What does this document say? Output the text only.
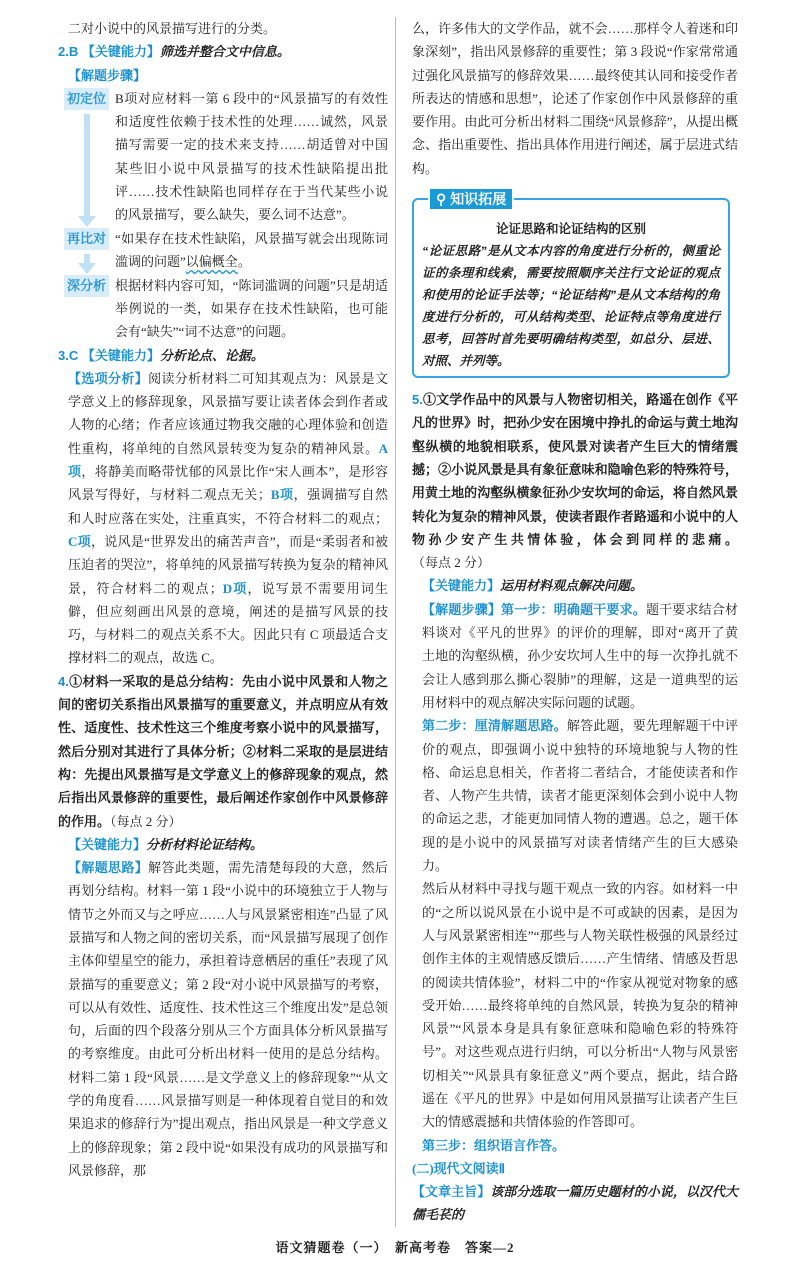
二对小说中的风景描写进行的分类。

2.B 【关键能力】筛选并整合文中信息。

【解题步骤】

初定位 B项对应材料一第 6 段中的“风景描写的有效性和适度性依赖于技术性的处理……诚然，风景描写需要一定的技术来支持……胡适曾对中国某些旧小说中风景描写的技术性缺陷提出批评……技术性缺陷也同样存在于当代某些小说的风景描写，要么缺失，要么词不达意”。
再比对 “如果存在技术性缺陷，风景描写就会出现陈词滥调的问题”以偏概全。
深分析 根据材料内容可知，“陈词滥调的问题”只是胡适举例说的一类，如果存在技术性缺陷，也可能会有“缺失”“词不达意”的问题。

3.C 【关键能力】分析论点、论据。

【选项分析】阅读分析材料二可知其观点为：风景是文学意义上的修辞现象，风景描写要让读者体会到作者或人物的心绪；作者应该通过物我交融的心理体验和创造性重构，将单纯的自然风景转变为复杂的精神风景。A项，将静美而略带忧郁的风景比作“宋人画本”，是形容风景写得好，与材料二观点无关；B项，强调描写自然和人时应落在实处，注重真实，不符合材料二的观点；C项，说风是“世界发出的痛苦声音”，而是“柔弱者和被压迫者的哭泣”，将单纯的风景描写转换为复杂的精神风景，符合材料二的观点；D项，说写景不需要用词生僻，但应刻画出风景的意境，阐述的是描写风景的技巧，与材料二的观点关系不大。因此只有 C 项最适合支撑材料二的观点，故选 C。

4.①材料一采取的是总分结构：先由小说中风景和人物之间的密切关系指出风景描写的重要意义，并点明应从有效性、适度性、技术性这三个维度考察小说中的风景描写，然后分别对其进行了具体分析；②材料二采取的是层进结构：先提出风景描写是文学意义上的修辞现象的观点，然后指出风景修辞的重要性，最后阐述作家创作中风景修辞的作用。（每点 2 分）

【关键能力】分析材料论证结构。

【解题思路】解答此类题，需先清楚每段的大意，然后再划分结构。材料一第 1 段“小说中的环境独立于人物与情节之外而又与之呼应……人与风景紧密相连”凸显了风景描写和人物之间的密切关系，而“风景描写展现了创作主体仰望星空的能力，承担着诗意栖居的重任”表现了风景描写的重要意义；第 2 段“对小说中风景描写的考察，可以从有效性、适度性、技术性这三个维度出发”是总领句，后面的四个段落分别从三个方面具体分析风景描写的考察维度。由此可分析出材料一使用的是总分结构。材料二第 1 段“风景……是文学意义上的修辞现象”“从文学的角度看……风景描写则是一种体现着自觉目的和效果追求的修辞行为”提出观点，指出风景是一种文学意义上的修辞现象；第 2 段中说“如果没有成功的风景描写和风景修辞，那

么，许多伟大的文学作品，就不会……那样令人着迷和印象深刻”，指出风景修辞的重要性；第 3 段说“作家常常通过强化风景描写的修辞效果……最终使其认同和接受作者所表达的情感和思想”，论述了作家创作中风景修辞的重要作用。由此可分析出材料二围绕“风景修辞”，从提出概念、指出重要性、指出具体作用进行阐述，属于层进式结构。

⚲ 知识拓展
论证思路和论证结构的区别
“论证思路”是从文本内容的角度进行分析的，侧重论证的条理和线索，需要按照顺序关注行文论证的观点和使用的论证手法等；“论证结构”是从文本结构的角度进行分析的，可从结构类型、论证特点等角度进行思考，回答时首先要明确结构类型，如总分、层进、对照、并列等。

5.①文学作品中的风景与人物密切相关，路遥在创作《平凡的世界》时，把孙少安在困境中挣扎的命运与黄土地沟壑纵横的地貌相联系，使风景对读者产生巨大的情绪震撼；②小说风景是具有象征意味和隐喻色彩的特殊符号，用黄土地的沟壑纵横象征孙少安坎坷的命运，将自然风景转化为复杂的精神风景，使读者跟作者路遥和小说中的人物孙少安产生共情体验，体会到同样的悲痛。（每点 2 分）

【关键能力】运用材料观点解决问题。

【解题步骤】第一步：明确题干要求。题干要求结合材料谈对《平凡的世界》的评价的理解，即对“离开了黄土地的沟壑纵横，孙少安坎坷人生中的每一次挣扎就不会让人感到那么撕心裂肺”的理解，这是一道典型的运用材料中的观点解决实际问题的试题。

第二步：厘清解题思路。解答此题，要先理解题干中评价的观点，即强调小说中独特的环境地貌与人物的性格、命运息息相关，作者将二者结合，才能使读者和作者、人物产生共情，读者才能更深刻体会到小说中人物的命运之悲，才能更加同情人物的遭遇。总之，题干体现的是小说中的风景描写对读者情绪产生的巨大感染力。

然后从材料中寻找与题干观点一致的内容。如材料一中的“之所以说风景在小说中是不可或缺的因素，是因为人与风景紧密相连”“那些与人物关联性极强的风景经过创作主体的主观情感反馈后……产生情绪、情感及哲思的阅读共情体验”，材料二中的“作家从视觉对物象的感受开始……最终将单纯的自然风景，转换为复杂的精神风景”“风景本身是具有象征意味和隐喻色彩的特殊符号”。对这些观点进行归纳，可以分析出“人物与风景密切相关”“风景具有象征意义”两个要点，据此，结合路遥在《平凡的世界》中是如何用风景描写让读者产生巨大的情感震撼和共情体验的作答即可。

第三步：组织语言作答。

(二)现代文阅读Ⅱ

【文章主旨】该部分选取一篇历史题材的小说，以汉代大儒毛苌的

语文猜题卷（一）　新高考卷　答案—2
